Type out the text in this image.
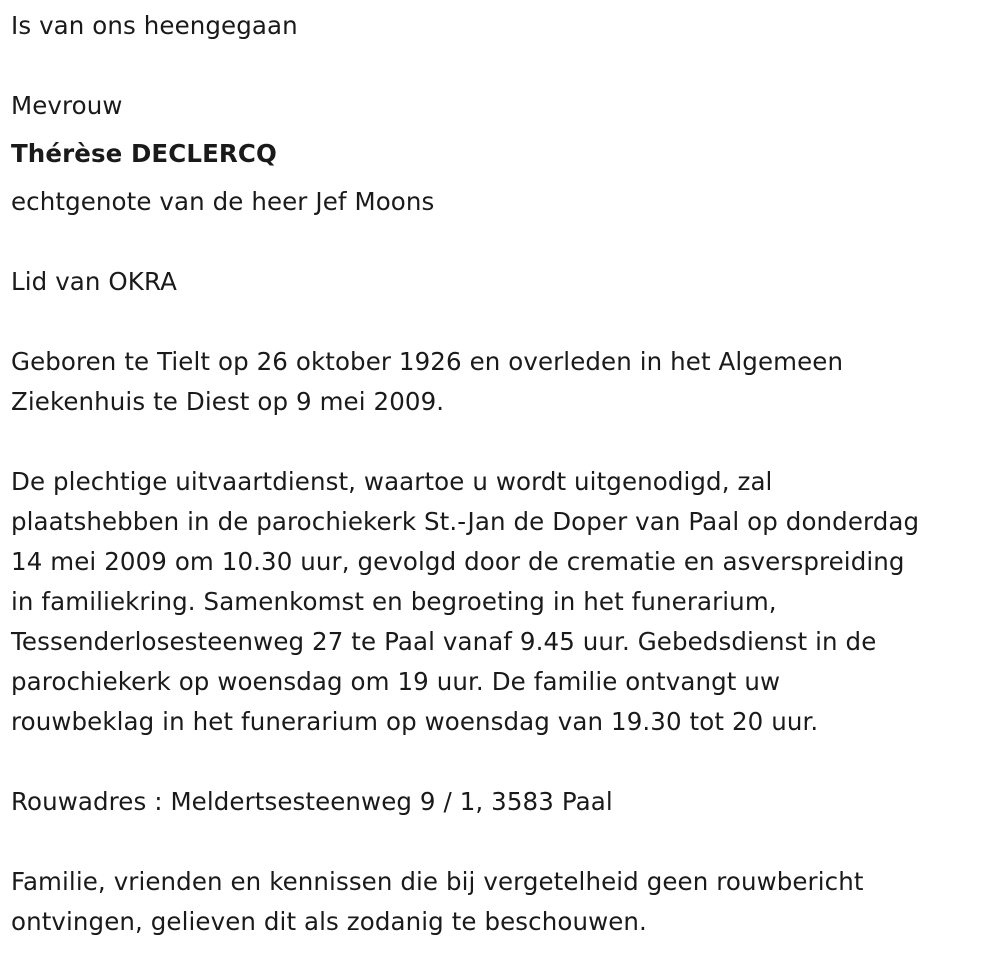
Is van ons heengegaan
Mevrouw
Thérèse DECLERCQ
echtgenote van de heer Jef Moons
Lid van OKRA
Geboren te Tielt op 26 oktober 1926 en overleden in het Algemeen
Ziekenhuis te Diest op 9 mei 2009.
De plechtige uitvaartdienst, waartoe u wordt uitgenodigd, zal
plaatshebben in de parochiekerk St.-Jan de Doper van Paal op donderdag
14 mei 2009 om 10.30 uur, gevolgd door de crematie en asverspreiding
in familiekring. Samenkomst en begroeting in het funerarium,
Tessenderlosesteenweg 27 te Paal vanaf 9.45 uur. Gebedsdienst in de
parochiekerk op woensdag om 19 uur. De familie ontvangt uw
rouwbeklag in het funerarium op woensdag van 19.30 tot 20 uur.
Rouwadres : Meldertsesteenweg 9 / 1, 3583 Paal
Familie, vrienden en kennissen die bij vergetelheid geen rouwbericht
ontvingen, gelieven dit als zodanig te beschouwen.
